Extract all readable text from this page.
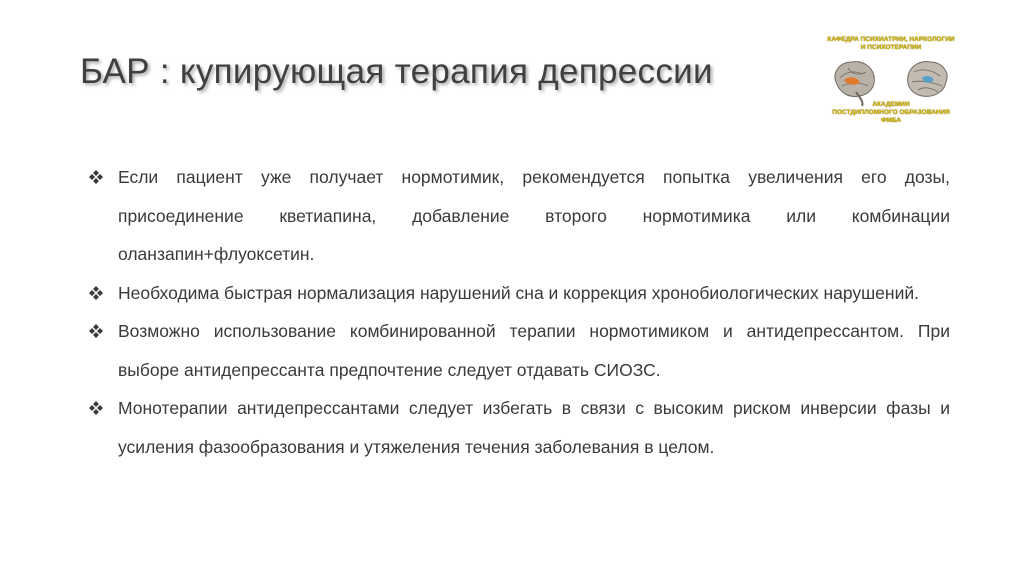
БАР : купирующая терапия депрессии
КАФЕДРА ПСИХИАТРИИ, НАРКОЛОГИИ И ПСИХОТЕРАПИИ
АКАДЕМИИ
ПОСТДИПЛОМНОГО ОБРАЗОВАНИЯ
ФМБА
Если пациент уже получает нормотимик, рекомендуется попытка увеличения его дозы, присоединение кветиапина, добавление второго нормотимика или комбинации оланзапин+флуоксетин.
Необходима быстрая нормализация нарушений сна и коррекция хронобиологических нарушений.
Возможно использование комбинированной терапии нормотимиком и антидепрессантом. При выборе антидепрессанта предпочтение следует отдавать СИОЗС.
Монотерапии антидепрессантами следует избегать в связи с высоким риском инверсии фазы и усиления фазообразования и утяжеления течения заболевания в целом.
